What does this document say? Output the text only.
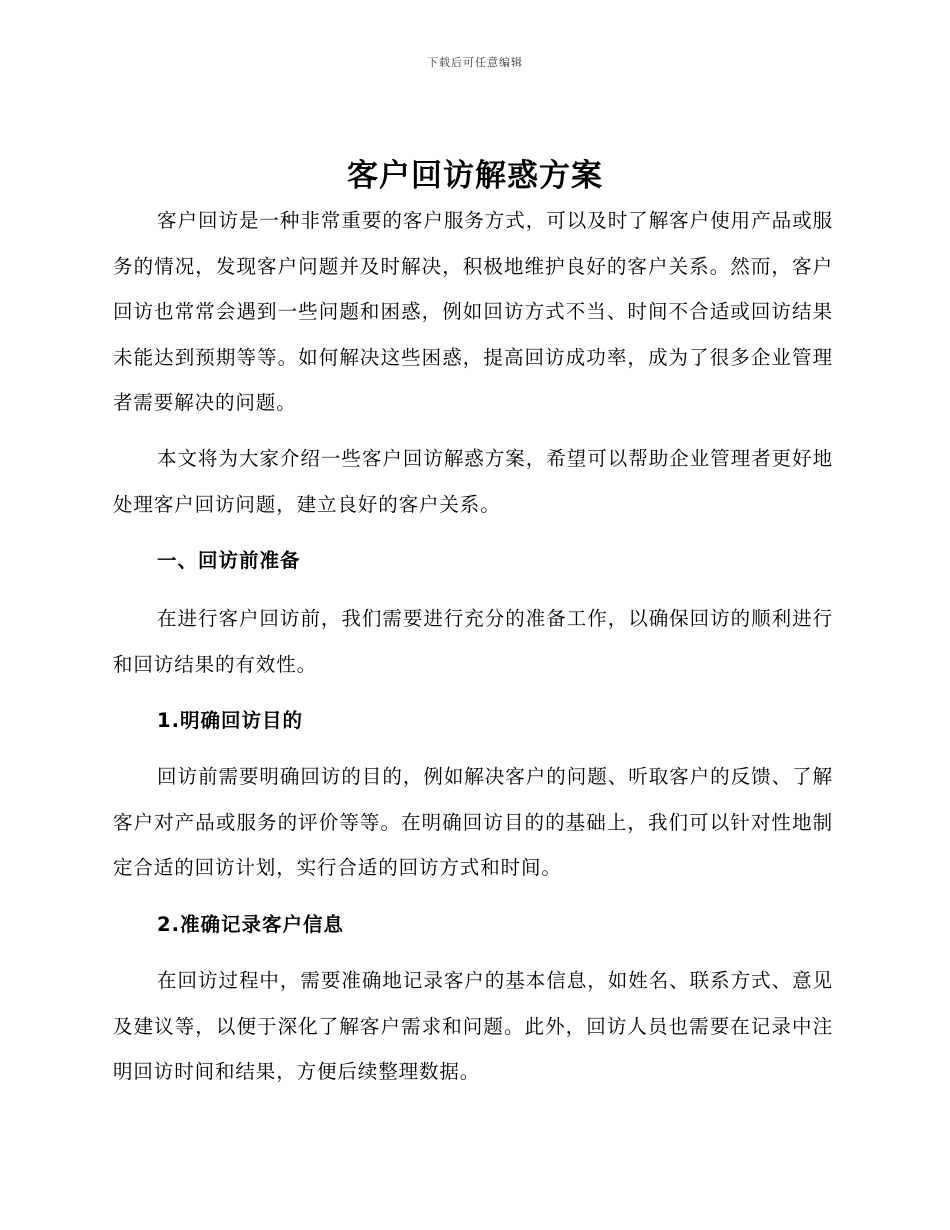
下载后可任意编辑
客户回访解惑方案
客户回访是一种非常重要的客户服务方式，可以及时了解客户使用产品或服务的情况，发现客户问题并及时解决，积极地维护良好的客户关系。然而，客户回访也常常会遇到一些问题和困惑，例如回访方式不当、时间不合适或回访结果未能达到预期等等。如何解决这些困惑，提高回访成功率，成为了很多企业管理者需要解决的问题。
本文将为大家介绍一些客户回访解惑方案，希望可以帮助企业管理者更好地处理客户回访问题，建立良好的客户关系。
一、回访前准备
在进行客户回访前，我们需要进行充分的准备工作，以确保回访的顺利进行和回访结果的有效性。
1.明确回访目的
回访前需要明确回访的目的，例如解决客户的问题、听取客户的反馈、了解客户对产品或服务的评价等等。在明确回访目的的基础上，我们可以针对性地制定合适的回访计划，实行合适的回访方式和时间。
2.准确记录客户信息
在回访过程中，需要准确地记录客户的基本信息，如姓名、联系方式、意见及建议等，以便于深化了解客户需求和问题。此外，回访人员也需要在记录中注明回访时间和结果，方便后续整理数据。
